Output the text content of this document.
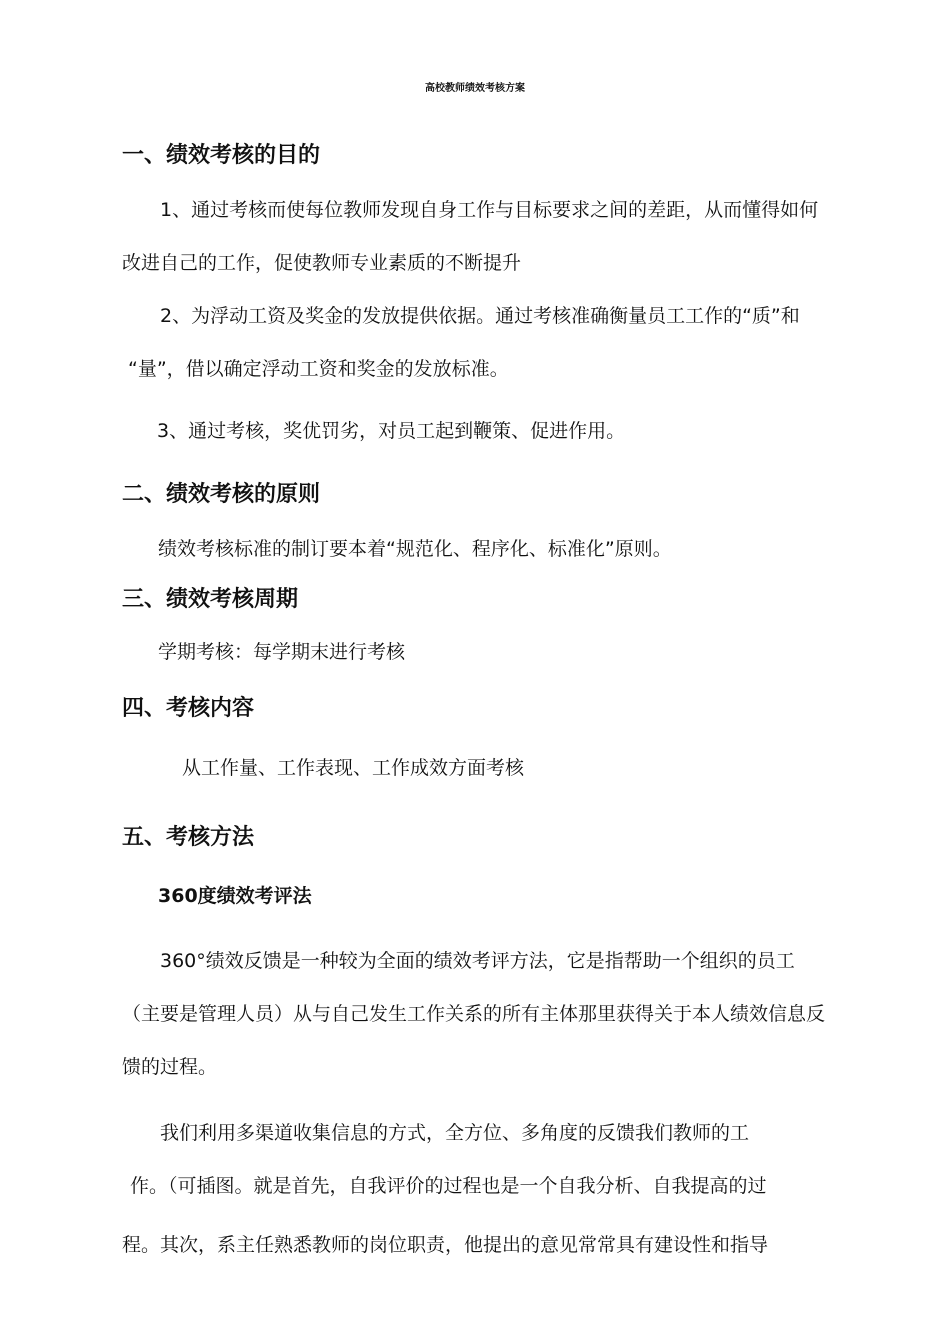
高校教师绩效考核方案
一、绩效考核的目的
1、通过考核而使每位教师发现自身工作与目标要求之间的差距，从而懂得如何
改进自己的工作，促使教师专业素质的不断提升
2、为浮动工资及奖金的发放提供依据。通过考核准确衡量员工工作的“质”和
“量”，借以确定浮动工资和奖金的发放标准。
3、通过考核，奖优罚劣，对员工起到鞭策、促进作用。
二、绩效考核的原则
绩效考核标准的制订要本着“规范化、程序化、标准化”原则。
三、绩效考核周期
学期考核：每学期末进行考核
四、考核内容
从工作量、工作表现、工作成效方面考核
五、考核方法
360度绩效考评法
360°绩效反馈是一种较为全面的绩效考评方法，它是指帮助一个组织的员工
（主要是管理人员）从与自己发生工作关系的所有主体那里获得关于本人绩效信息反
馈的过程。
我们利用多渠道收集信息的方式，全方位、多角度的反馈我们教师的工
作。（可插图。就是首先，自我评价的过程也是一个自我分析、自我提高的过
程。其次，系主任熟悉教师的岗位职责，他提出的意见常常具有建设性和指导
